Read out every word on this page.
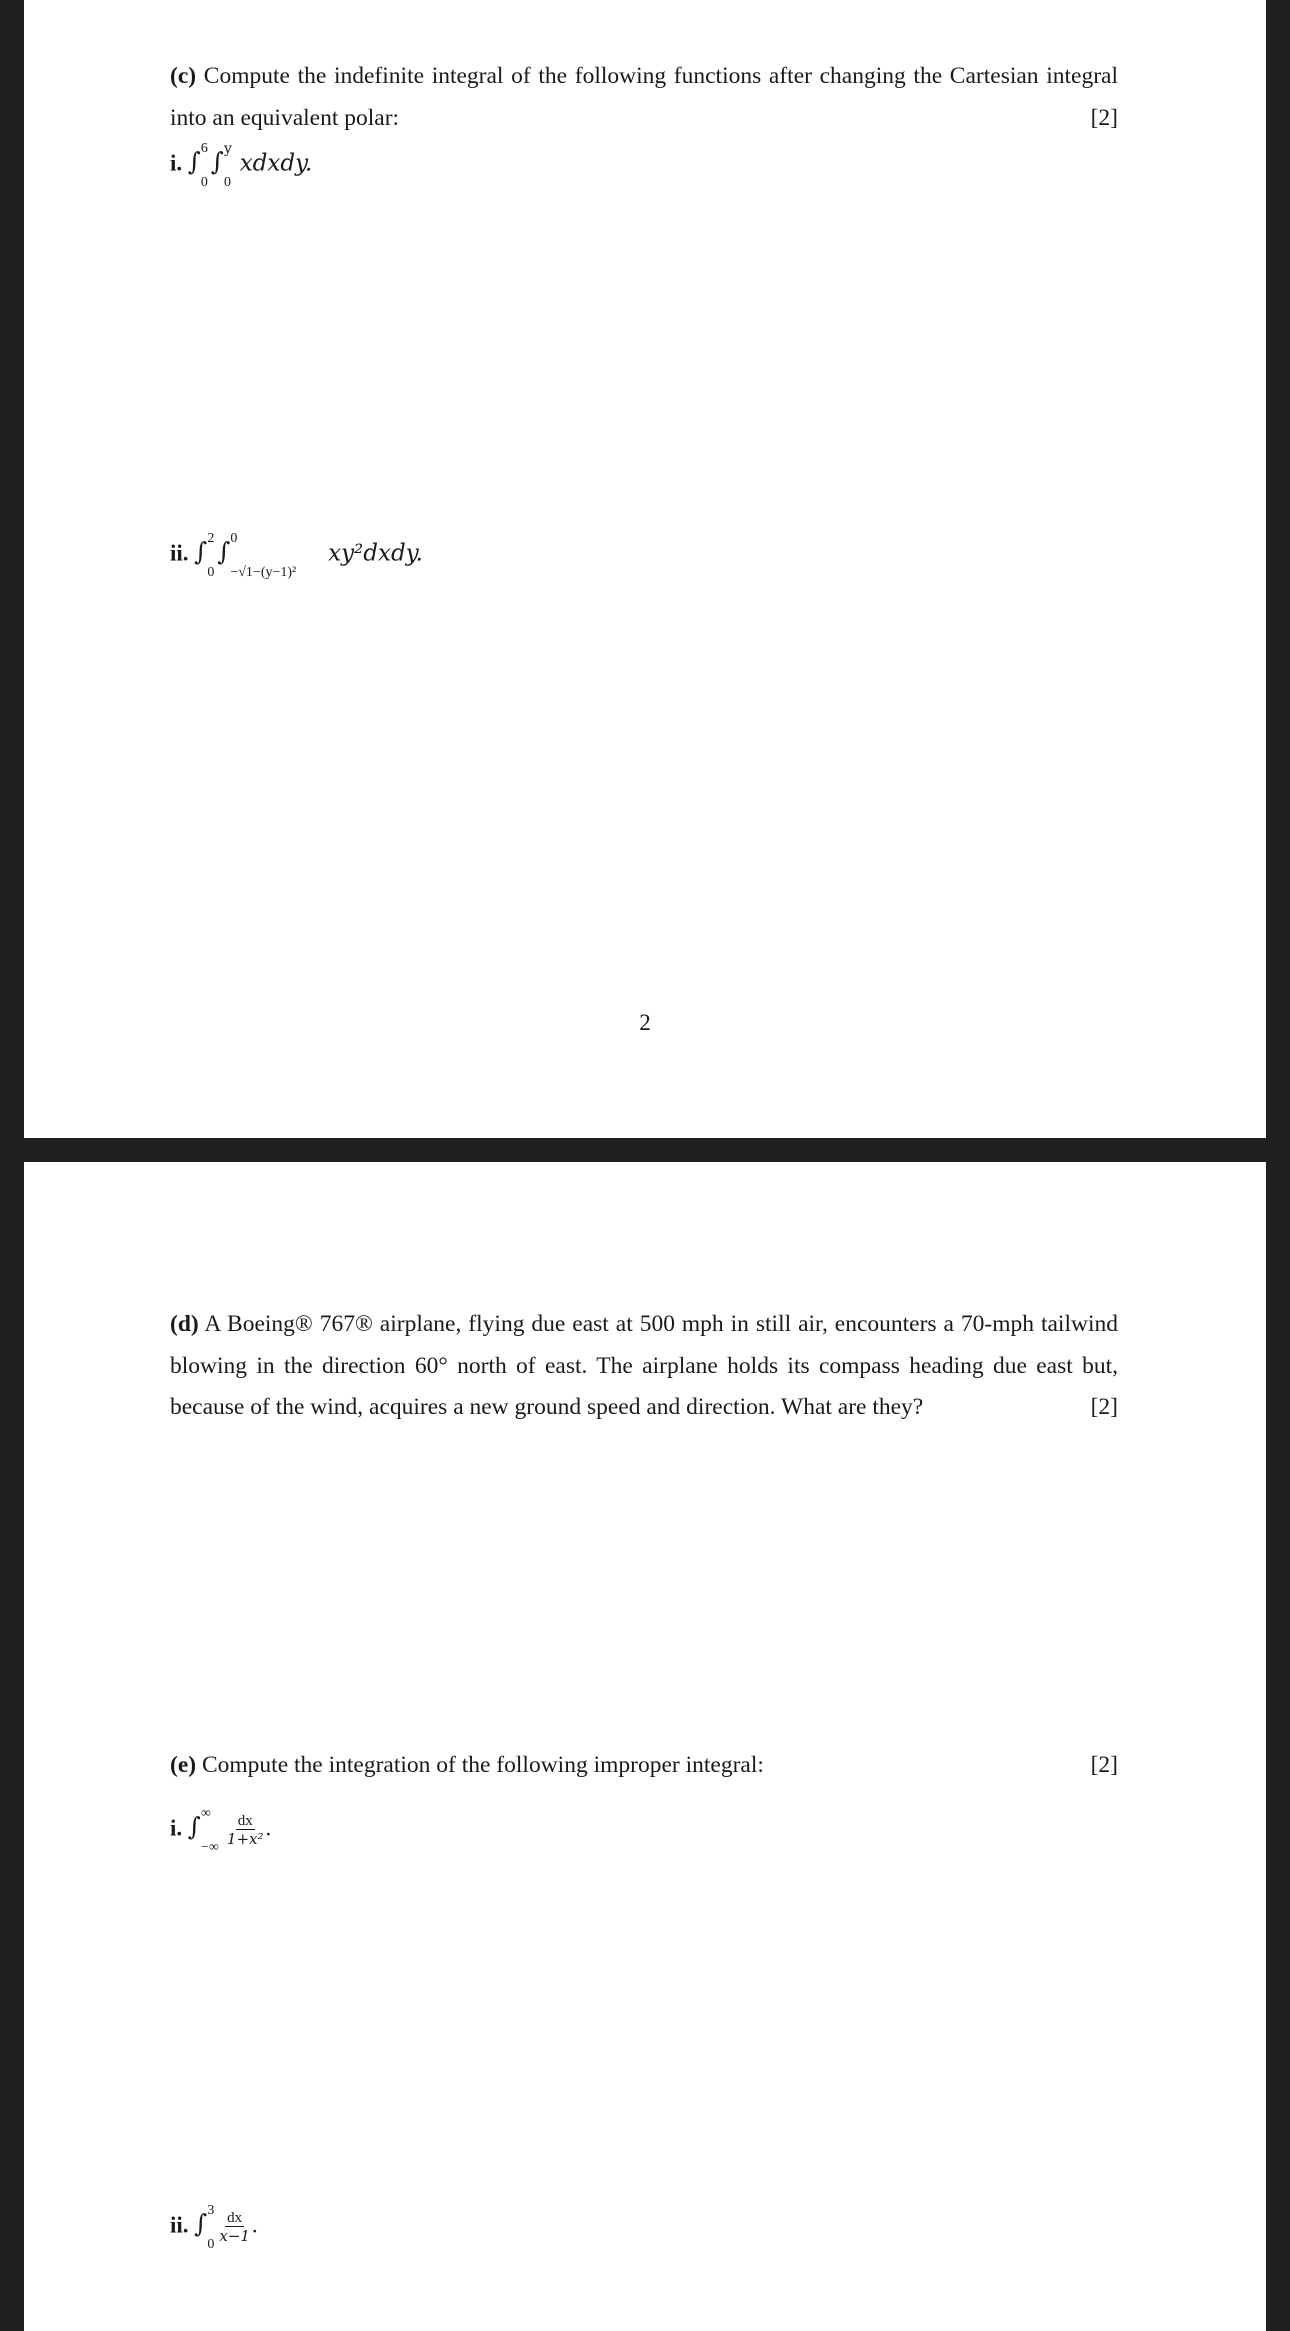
(c) Compute the indefinite integral of the following functions after changing the Cartesian integral
into an equivalent polar:	[2]
i. ∫ 6
0
∫ y
0
xdxdy.
ii. ∫ 2
0
∫ 0
−√1−(y−1)²
xy²dxdy.
2
(d) A Boeing® 767® airplane, flying due east at 500 mph in still air, encounters a 70-mph tailwind
blowing in the direction 60° north of east. The airplane holds its compass heading due east but,
because of the wind, acquires a new ground speed and direction. What are they?	[2]
(e) Compute the integration of the following improper integral:	[2]
i. ∫ ∞
−∞ $\frac{dx}{\text{1+x²}}$ .
ii. ∫ 3
$0 \frac{dx}{x-1}$ .
